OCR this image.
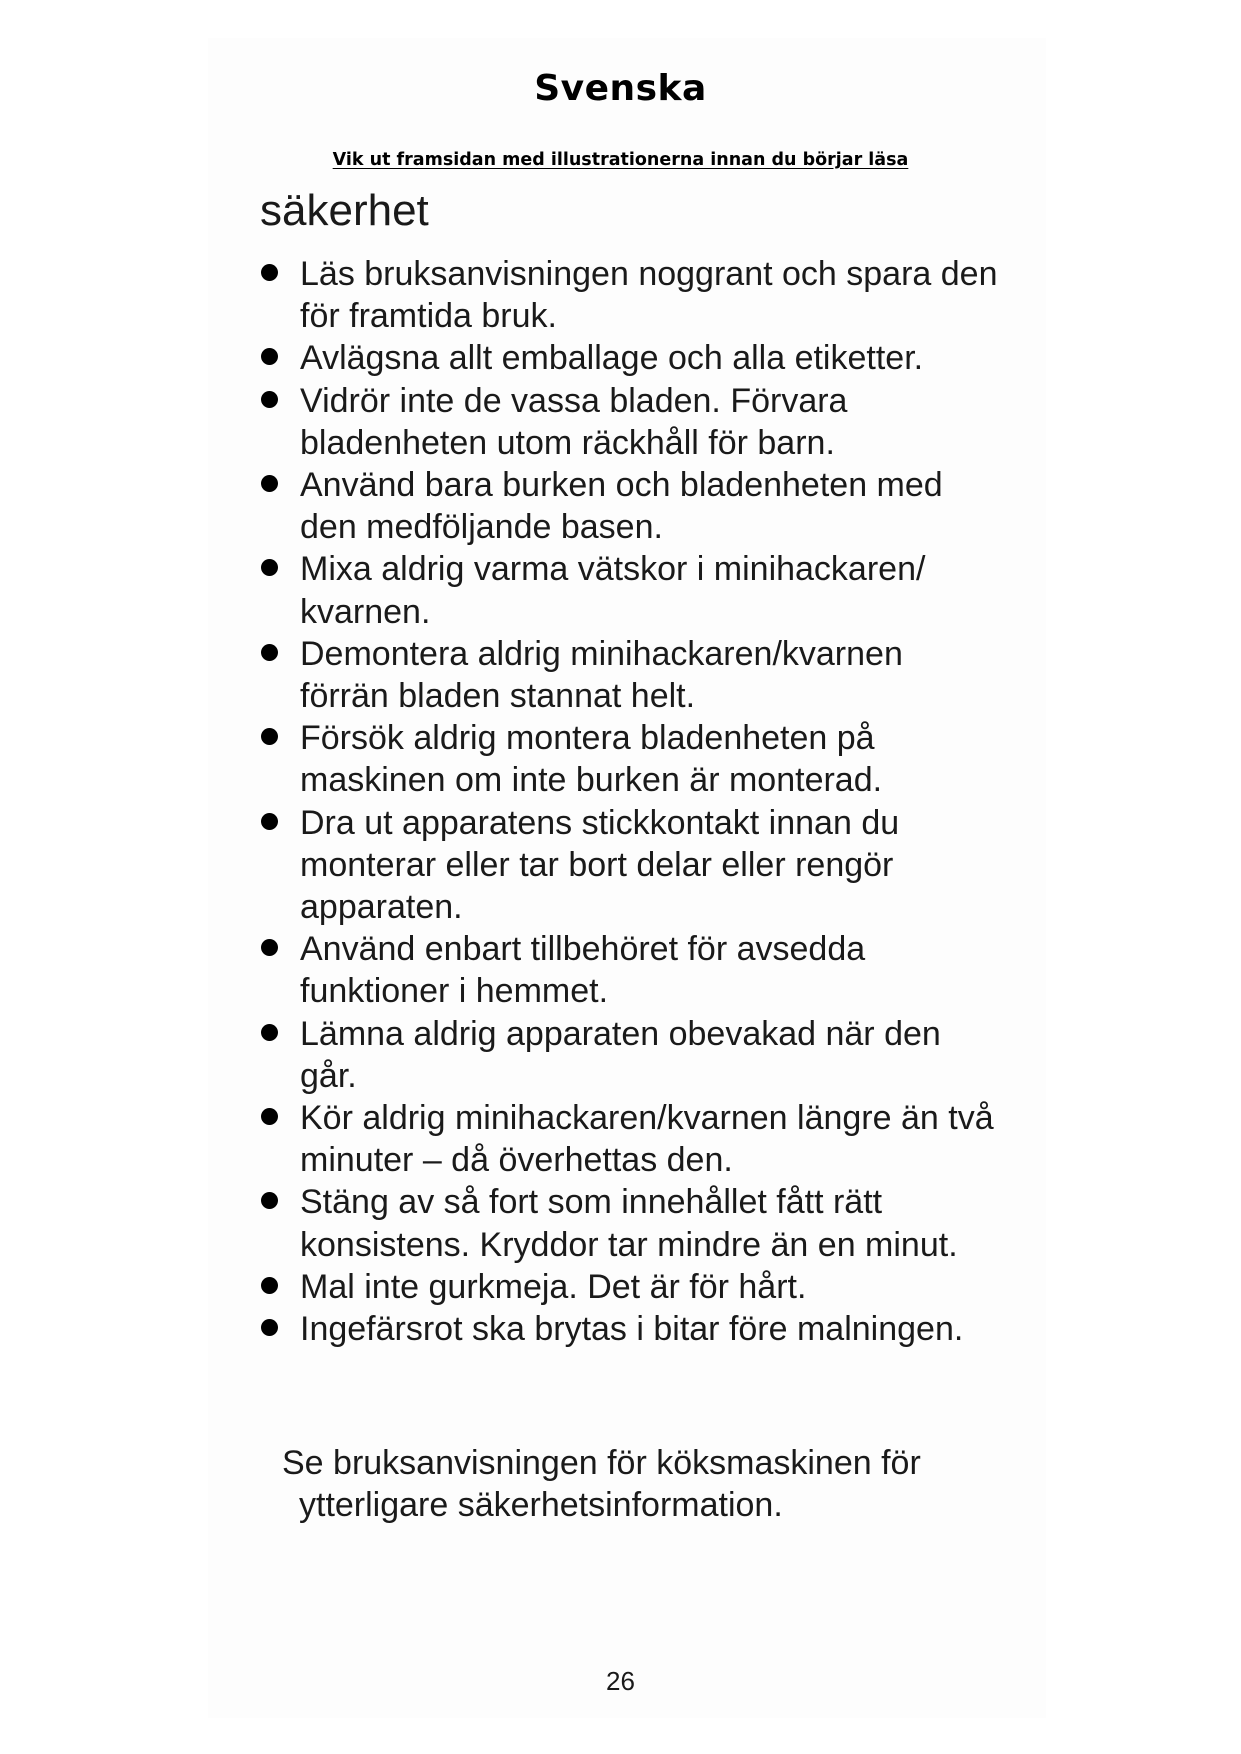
Svenska
Vik ut framsidan med illustrationerna innan du börjar läsa
säkerhet
Läs bruksanvisningen noggrant och spara den för framtida bruk.
Avlägsna allt emballage och alla etiketter.
Vidrör inte de vassa bladen. Förvara bladenheten utom räckhåll för barn.
Använd bara burken och bladenheten med den medföljande basen.
Mixa aldrig varma vätskor i minihackaren/ kvarnen.
Demontera aldrig minihackaren/kvarnen förrän bladen stannat helt.
Försök aldrig montera bladenheten på maskinen om inte burken är monterad.
Dra ut apparatens stickkontakt innan du monterar eller tar bort delar eller rengör apparaten.
Använd enbart tillbehöret för avsedda funktioner i hemmet.
Lämna aldrig apparaten obevakad när den går.
Kör aldrig minihackaren/kvarnen längre än två minuter – då överhettas den.
Stäng av så fort som innehållet fått rätt konsistens. Kryddor tar mindre än en minut.
Mal inte gurkmeja. Det är för hårt.
Ingefärsrot ska brytas i bitar före malningen.

Se bruksanvisningen för köksmaskinen för ytterligare säkerhetsinformation.

26
